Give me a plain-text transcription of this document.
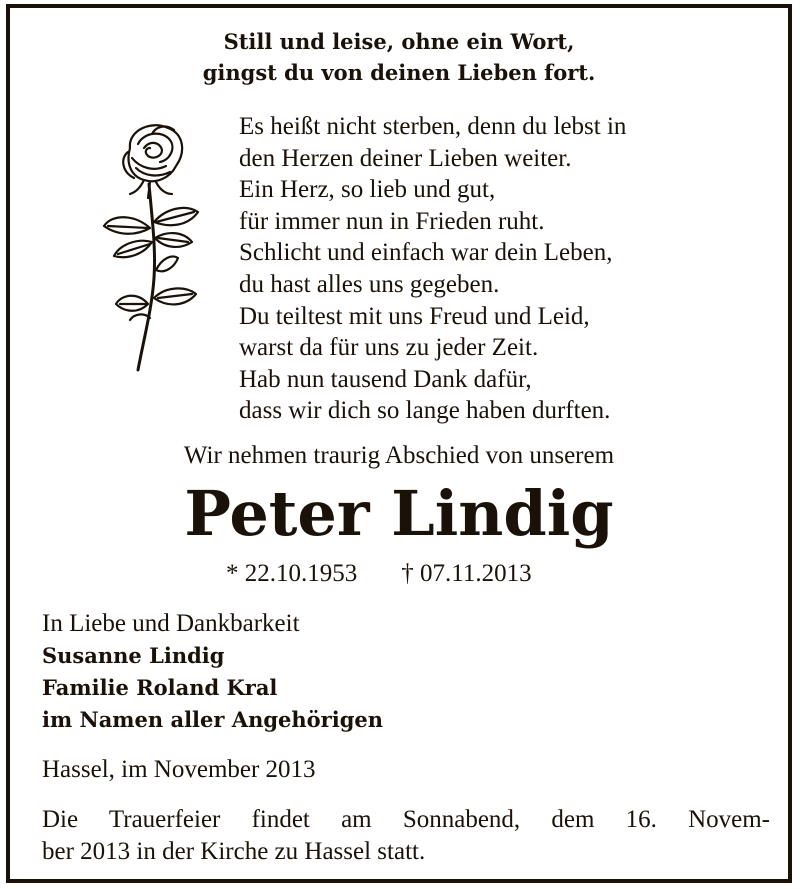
Still und leise, ohne ein Wort,
gingst du von deinen Lieben fort.
Es heißt nicht sterben, denn du lebst in
den Herzen deiner Lieben weiter.
Ein Herz, so lieb und gut,
für immer nun in Frieden ruht.
Schlicht und einfach war dein Leben,
du hast alles uns gegeben.
Du teiltest mit uns Freud und Leid,
warst da für uns zu jeder Zeit.
Hab nun tausend Dank dafür,
dass wir dich so lange haben durften.
Wir nehmen traurig Abschied von unserem
Peter Lindig
* 22.10.1953 † 07.11.2013
In Liebe und Dankbarkeit
Susanne Lindig
Familie Roland Kral
im Namen aller Angehörigen
Hassel, im November 2013
Die Trauerfeier findet am Sonnabend, dem 16. Novem-
ber 2013 in der Kirche zu Hassel statt.
